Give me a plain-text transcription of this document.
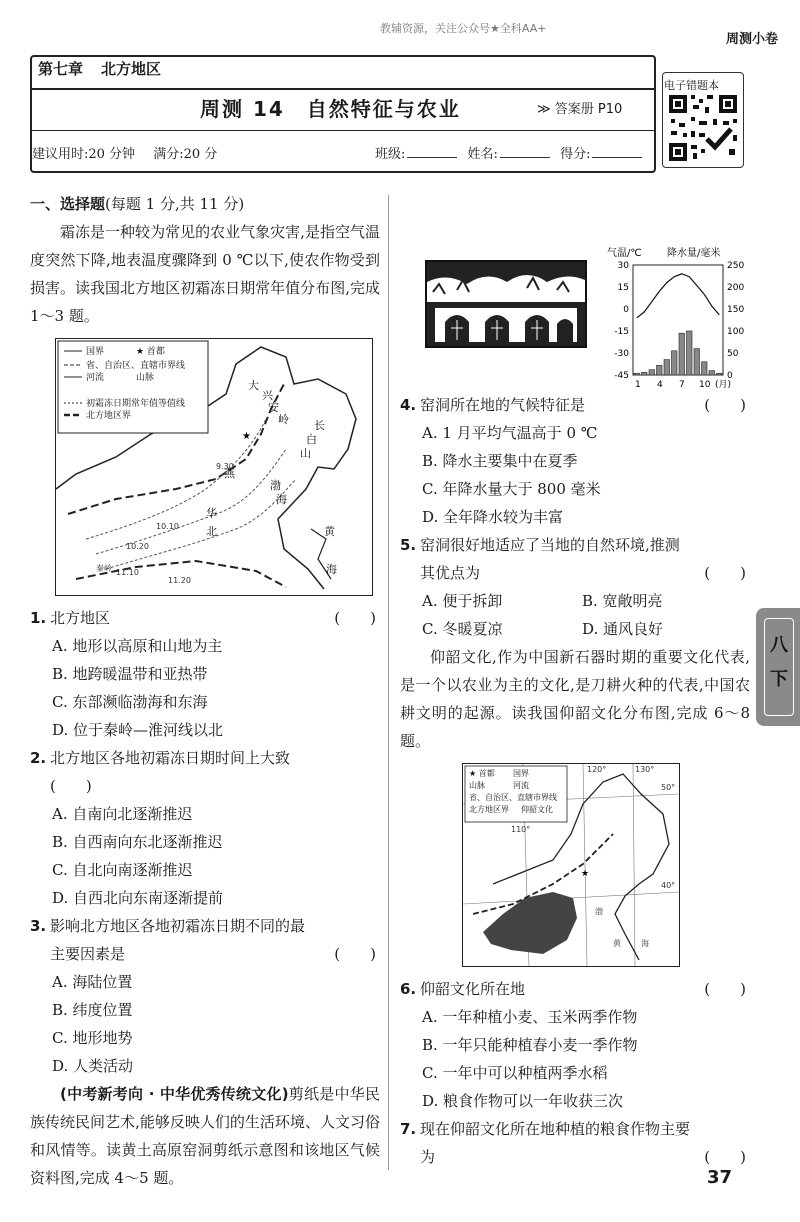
教辅资源，关注公众号★全科AA+
周测小卷
第七章 北方地区
周测 14　自然特征与农业	≫ 答案册 P10
建议用时:20 分钟 满分:20 分	班级:	姓名:	得分:
电子错题本
一、选择题(每题 1 分,共 11 分)

霜冻是一种较为常见的农业气象灾害,是指空气温度突然下降,地表温度骤降到 0 ℃以下,使农作物受到损害。读我国北方地区初霜冻日期常年值分布图,完成 1～3 题。

国界	★ 首都
省、自治区、直辖市界线
河流	山脉
初霜冻日期常年值等值线
北方地区界
大
兴
安
岭 长
白
山
燕
华
北
渤
海
黄
海
10.20
11.20
9.30
10.10
11.10
秦岭
★
1. 北方地区	(　　)
A. 地形以高原和山地为主
B. 地跨暖温带和亚热带
C. 东部濒临渤海和东海
D. 位于秦岭—淮河线以北
2. 北方地区各地初霜冻日期时间上大致
(　　)
A. 自南向北逐渐推迟
B. 自西南向东北逐渐推迟
C. 自北向南逐渐推迟
D. 自西北向东南逐渐提前
3. 影响北方地区各地初霜冻日期不同的最主要因素是	(　　)
A. 海陆位置
B. 纬度位置
C. 地形地势
D. 人类活动

(中考新考向 · 中华优秀传统文化)剪纸是中华民族传统民间艺术,能够反映人们的生活环境、人文习俗和风情等。读黄土高原窑洞剪纸示意图和该地区气候资料图,完成 4～5 题。

气温/℃	降水量/毫米
30
15
0
-15
-30
-45
250
200
150
100
50
0
1 4 7 10 (月)
4. 窑洞所在地的气候特征是	(　　)
A. 1 月平均气温高于 0 ℃
B. 降水主要集中在夏季
C. 年降水量大于 800 毫米
D. 全年降水较为丰富
5. 窑洞很好地适应了当地的自然环境,推测其优点为	(　　)
A. 便于拆卸	B. 宽敞明亮
C. 冬暖夏凉	D. 通风良好

仰韶文化,作为中国新石器时期的重要文化代表,是一个以农业为主的文化,是刀耕火种的代表,中国农耕文明的起源。读我国仰韶文化分布图,完成 6～8 题。

★ 首都 国界
山脉	河流
省、自治区、直辖市界线
北方地区界 仰韶文化
120°	130°
110°
50°
40°
渤
黄	海
★
6. 仰韶文化所在地	(　　)
A. 一年种植小麦、玉米两季作物
B. 一年只能种植春小麦一季作物
C. 一年中可以种植两季水稻
D. 粮食作物可以一年收获三次
7. 现在仰韶文化所在地种植的粮食作物主要为	(　　)
八
下
37
